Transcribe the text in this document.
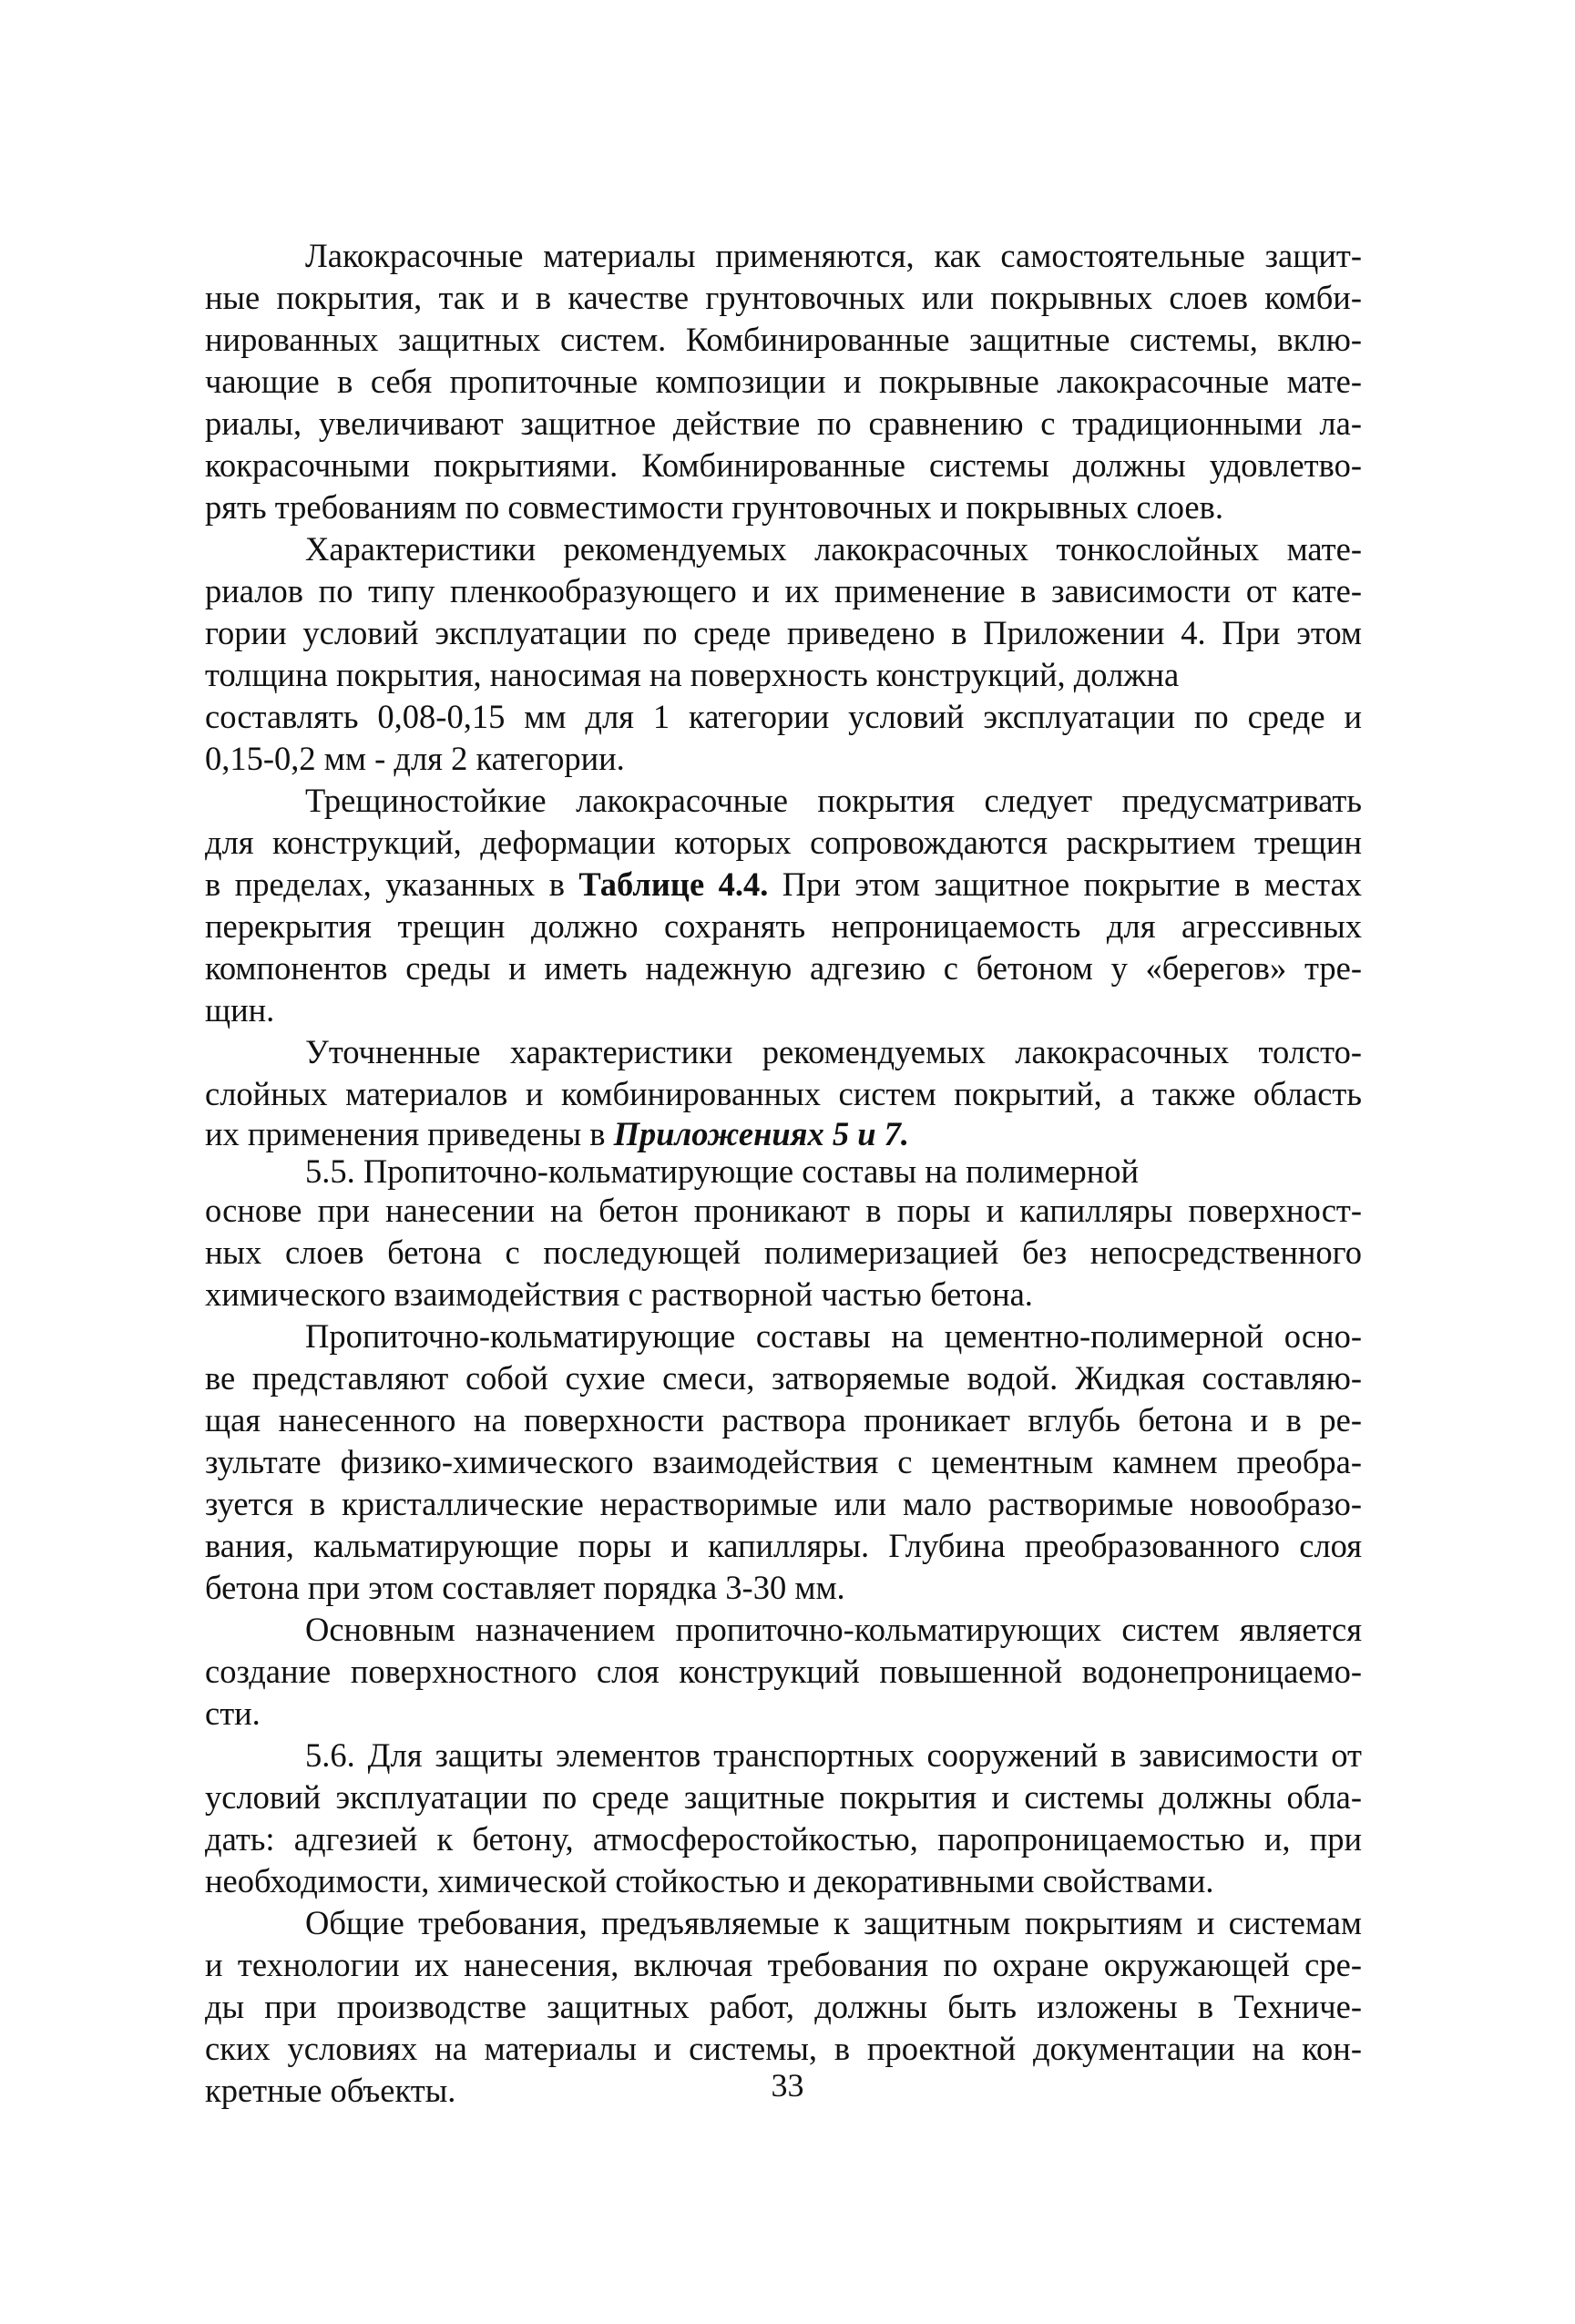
Лакокрасочные материалы применяются, как самостоятельные защит-
ные покрытия, так и в качестве грунтовочных или покрывных слоев комби-
нированных защитных систем. Комбинированные защитные системы, вклю-
чающие в себя пропиточные композиции и покрывные лакокрасочные мате-
риалы, увеличивают защитное действие по сравнению с традиционными ла-
кокрасочными покрытиями. Комбинированные системы должны удовлетво-
рять требованиям по совместимости грунтовочных и покрывных слоев.
Характеристики рекомендуемых лакокрасочных тонкослойных мате-
риалов по типу пленкообразующего и их применение в зависимости от кате-
гории условий эксплуатации по среде приведено в Приложении 4. При этом
толщина покрытия, наносимая на поверхность конструкций, должна
составлять 0,08-0,15 мм для 1 категории условий эксплуатации по среде и
0,15-0,2 мм - для 2 категории.
Трещиностойкие лакокрасочные покрытия следует предусматривать
для конструкций, деформации которых сопровождаются раскрытием трещин
в пределах, указанных в Таблице 4.4. При этом защитное покрытие в местах
перекрытия трещин должно сохранять непроницаемость для агрессивных
компонентов среды и иметь надежную адгезию с бетоном у «берегов» тре-
щин.
Уточненные характеристики рекомендуемых лакокрасочных толсто-
слойных материалов и комбинированных систем покрытий, а также область
их применения приведены в Приложениях 5 и 7.
5.5. Пропиточно-кольматирующие составы на полимерной
основе при нанесении на бетон проникают в поры и капилляры поверхност-
ных слоев бетона с последующей полимеризацией без непосредственного
химического взаимодействия с растворной частью бетона.
Пропиточно-кольматирующие составы на цементно-полимерной осно-
ве представляют собой сухие смеси, затворяемые водой. Жидкая составляю-
щая нанесенного на поверхности раствора проникает вглубь бетона и в ре-
зультате физико-химического взаимодействия с цементным камнем преобра-
зуется в кристаллические нерастворимые или мало растворимые новообразо-
вания, кальматирующие поры и капилляры. Глубина преобразованного слоя
бетона при этом составляет порядка 3-30 мм.
Основным назначением пропиточно-кольматирующих систем является
создание поверхностного слоя конструкций повышенной водонепроницаемо-
сти.
5.6. Для защиты элементов транспортных сооружений в зависимости от
условий эксплуатации по среде защитные покрытия и системы должны обла-
дать: адгезией к бетону, атмосферостойкостью, паропроницаемостью и, при
необходимости, химической стойкостью и декоративными свойствами.
Общие требования, предъявляемые к защитным покрытиям и системам
и технологии их нанесения, включая требования по охране окружающей сре-
ды при производстве защитных работ, должны быть изложены в Техниче-
ских условиях на материалы и системы, в проектной документации на кон-
кретные объекты.	33
